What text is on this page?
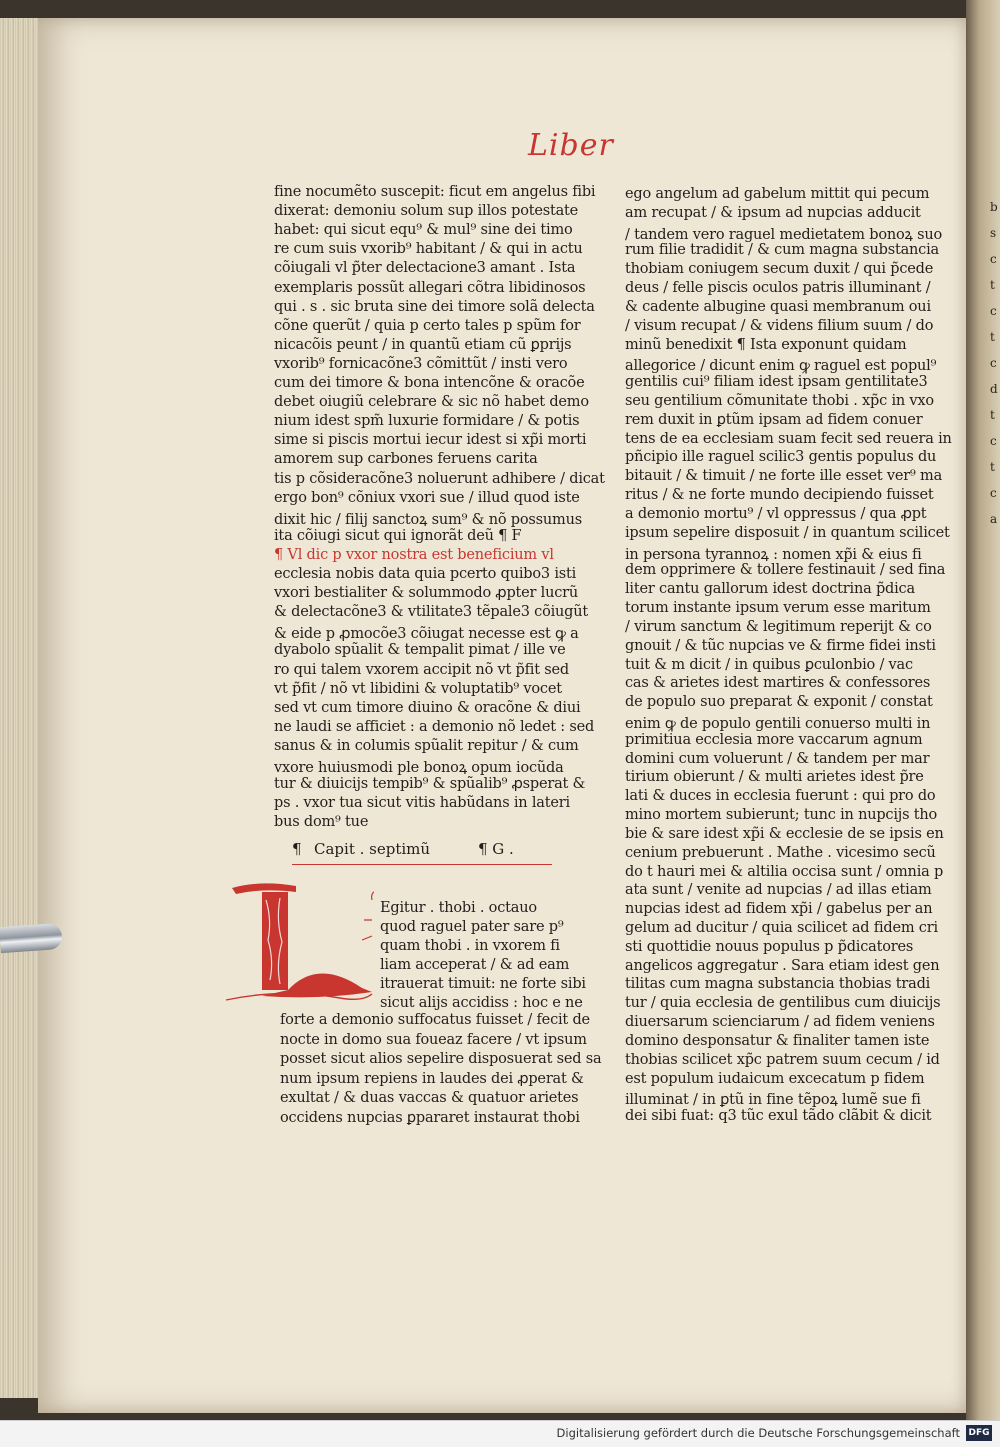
b
s
c
t
c
t
c
d
t
c
t
c
a
Liber
fine nocumẽto suscepit: ficut em angelus fibi
dixerat: demoniu solum sup illos potestate
habet: qui sicut equ⁹ & mul⁹ sine dei timo
re cum suis vxorib⁹ habitant / & qui in actu
cõiugali vl p̃ter delectacione3 amant . Ista
exemplaris possũt allegari cõtra libidinosos
qui . s . sic bruta sine dei timore solã delecta
cõne querũt / quia p certo tales p spũm for
nicacõis peunt / in quantũ etiam cũ ꝑprijs
vxorib⁹ fornicacõne3 cõmittũt / insti vero
cum dei timore & bona intencõne & oracõe
debet oiugiũ celebrare & sic nõ habet demo
nium idest spm̃ luxurie formidare / & potis
sime si piscis mortui iecur idest si xp̃i morti
amorem sup carbones feruens carita
tis p cõsideracõne3 noluerunt adhibere / dicat
ergo bon⁹ cõniux vxori sue / illud quod iste
dixit hic / filij sanctoꝝ sum⁹ & nõ possumus
ita cõiugi sicut qui ignorãt deũ ¶ F
¶ Vl dic p vxor nostra est beneficium vl
ecclesia nobis data quia pcerto quibo3 isti
vxori bestialiter & solummodo ꝓpter lucrũ
& delectacõne3 & vtilitate3 tẽpale3 cõiugũt
& eide p ꝓmocõe3 cõiugat necesse est ꝙ a
dyabolo spũalit & tempalit pimat / ille ve
ro qui talem vxorem accipit nõ vt p̃fit sed
vt p̃fit / nõ vt libidini & voluptatib⁹ vocet
sed vt cum timore diuino & oracõne & diui
ne laudi se afficiet : a demonio nõ ledet : sed
sanus & in columis spũalit repitur / & cum
vxore huiusmodi ple bonoꝝ opum iocũda
tur & diuicijs tempib⁹ & spũalib⁹ ꝓsperat &
ps . vxor tua sicut vitis habũdans in lateri
bus dom⁹ tue
¶ Capit . septimũ	¶ G .
Egitur . thobi . octauo
quod raguel pater sare p⁹
quam thobi . in vxorem fi
liam acceperat / & ad eam
itrauerat timuit: ne forte sibi
sicut alijs accidiss : hoc e ne
forte a demonio suffocatus fuisset / fecit de
nocte in domo sua foueaz facere / vt ipsum
posset sicut alios sepelire disposuerat sed sa
num ipsum repiens in laudes dei ꝓperat &
exultat / & duas vaccas & quatuor arietes
occidens nupcias ꝑpararet instaurat thobi
ego angelum ad gabelum mittit qui pecum
am recupat / & ipsum ad nupcias adducit
/ tandem vero raguel medietatem bonoꝝ suo
rum filie tradidit / & cum magna substancia
thobiam coniugem secum duxit / qui p̃cede
deus / felle piscis oculos patris illuminant /
& cadente albugine quasi membranum oui
/ visum recupat / & videns filium suum / do
minũ benedixit ¶ Ista exponunt quidam
allegorice / dicunt enim ꝙ raguel est popul⁹
gentilis cui⁹ filiam idest ipsam gentilitate3
seu gentilium cõmunitate thobi . xp̃c in vxo
rem duxit in ꝑtũm ipsam ad fidem conuer
tens de ea ecclesiam suam fecit sed reuera in
pñcipio ille raguel scilic3 gentis populus du
bitauit / & timuit / ne forte ille esset ver⁹ ma
ritus / & ne forte mundo decipiendo fuisset
a demonio mortu⁹ / vl oppressus / qua ꝓpt
ipsum sepelire disposuit / in quantum scilicet
in persona tyrannoꝝ : nomen xp̃i & eius fi
dem opprimere & tollere festinauit / sed fina
liter cantu gallorum idest doctrina p̃dica
torum instante ipsum verum esse maritum
/ virum sanctum & legitimum reperijt & co
gnouit / & tũc nupcias ve & firme fidei insti
tuit & m dicit / in quibus ꝑculonbio / vac
cas & arietes idest martires & confessores
de populo suo preparat & exponit / constat
enim ꝙ de populo gentili conuerso multi in
primitiua ecclesia more vaccarum agnum
domini cum voluerunt / & tandem per mar
tirium obierunt / & multi arietes idest p̃re
lati & duces in ecclesia fuerunt : qui pro do
mino mortem subierunt; tunc in nupcijs tho
bie & sare idest xp̃i & ecclesie de se ipsis en
cenium prebuerunt . Mathe . vicesimo secũ
do t hauri mei & altilia occisa sunt / omnia p
ata sunt / venite ad nupcias / ad illas etiam
nupcias idest ad fidem xp̃i / gabelus per an
gelum ad ducitur / quia scilicet ad fidem cri
sti quottidie nouus populus p p̃dicatores
angelicos aggregatur . Sara etiam idest gen
tilitas cum magna substancia thobias tradi
tur / quia ecclesia de gentilibus cum diuicijs
diuersarum scienciarum / ad fidem veniens
domino desponsatur & finaliter tamen iste
thobias scilicet xp̃c patrem suum cecum / id
est populum iudaicum excecatum p fidem
illuminat / in ꝑtũ in fine tẽpoꝝ lumẽ sue fi
dei sibi fuat: q3 tũc exul tãdo clãbit & dicit
Digitalisierung gefördert durch die Deutsche Forschungsgemeinschaft DFG
